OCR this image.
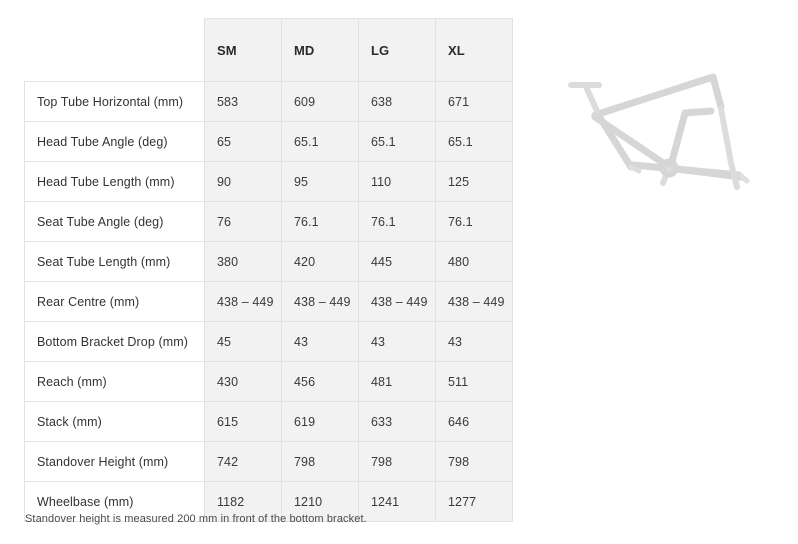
	SM	MD	LG	XL
Top Tube Horizontal (mm)	583	609	638	671
Head Tube Angle (deg)	65	65.1	65.1	65.1
Head Tube Length (mm)	90	95	110	125
Seat Tube Angle (deg)	76	76.1	76.1	76.1
Seat Tube Length (mm)	380	420	445	480
Rear Centre (mm)	438 – 449	438 – 449	438 – 449	438 – 449
Bottom Bracket Drop (mm)	45	43	43	43
Reach (mm)	430	456	481	511
Stack (mm)	615	619	633	646
Standover Height (mm)	742	798	798	798
Wheelbase (mm)	1182	1210	1241	1277
Standover height is measured 200 mm in front of the bottom bracket.
